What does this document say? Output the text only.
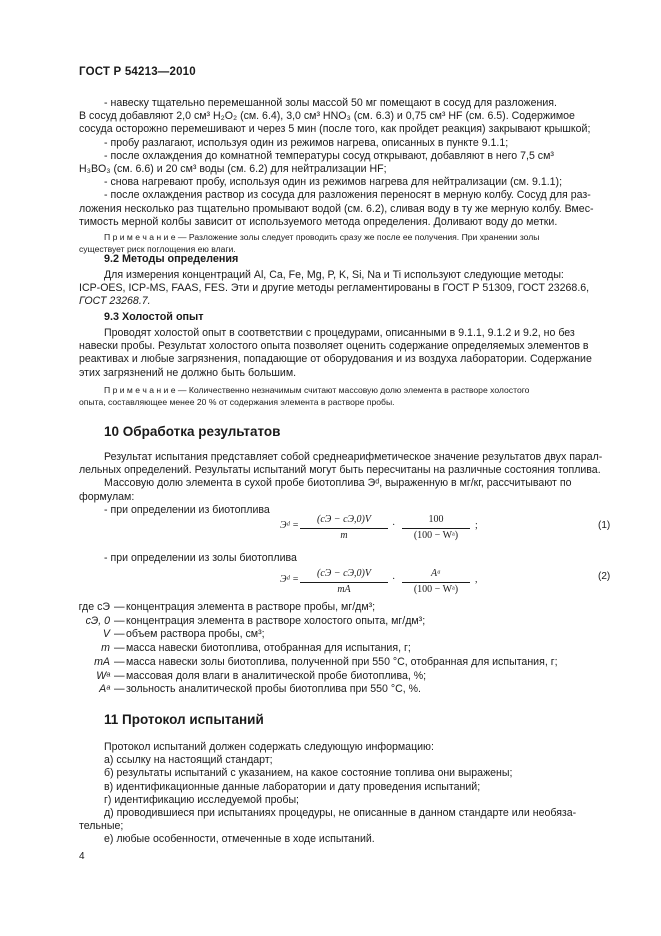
ГОСТ Р 54213—2010

- навеску тщательно перемешанной золы массой 50 мг помещают в сосуд для разложения.

В сосуд добавляют 2,0 см³ H₂O₂ (см. 6.4), 3,0 см³ HNO₃ (см. 6.3) и 0,75 см³ HF (см. 6.5). Содержимое

сосуда осторожно перемешивают и через 5 мин (после того, как пройдет реакция) закрывают крышкой;

- пробу разлагают, используя один из режимов нагрева, описанных в пункте 9.1.1;

- после охлаждения до комнатной температуры сосуд открывают, добавляют в него 7,5 см³

H₃BO₃ (см. 6.6) и 20 см³ воды (см. 6.2) для нейтрализации HF;

- снова нагревают пробу, используя один из режимов нагрева для нейтрализации (см. 9.1.1);

- после охлаждения раствор из сосуда для разложения переносят в мерную колбу. Сосуд для раз-

ложения несколько раз тщательно промывают водой (см. 6.2), сливая воду в ту же мерную колбу. Вмес-

тимость мерной колбы зависит от используемого метода определения. Доливают воду до метки.

П р и м е ч а н и е — Разложение золы следует проводить сразу же после ее получения. При хранении золы
существует риск поглощения ею влаги.
9.2 Методы определения

Для измерения концентраций Al, Ca, Fe, Mg, P, K, Si, Na и Ti используют следующие методы:

ICP-OES, ICP-MS, FAAS, FES. Эти и другие методы регламентированы в ГОСТ Р 51309, ГОСТ 23268.6,

ГОСТ 23268.7.

9.3 Холостой опыт

Проводят холостой опыт в соответствии с процедурами, описанными в 9.1.1, 9.1.2 и 9.2, но без

навески пробы. Результат холостого опыта позволяет оценить содержание определяемых элементов в

реактивах и любые загрязнения, попадающие от оборудования и из воздуха лаборатории. Содержание

этих загрязнений не должно быть большим.

П р и м е ч а н и е — Количественно незначимым считают массовую долю элемента в растворе холостого
опыта, составляющее менее 20 % от содержания элемента в растворе пробы.
10 Обработка результатов

Результат испытания представляет собой среднеарифметическое значение результатов двух парал-

лельных определений. Результаты испытаний могут быть пересчитаны на различные состояния топлива.

Массовую долю элемента в сухой пробе биотоплива Эᵈ, выраженную в мг/кг, рассчитывают по

формулам:

- при определении из биотоплива

Эᵈ =
(cЭ − cЭ,0)V
m
·
100
(100 − Wᵃ)
;	(1)

- при определении из золы биотоплива

Эᵈ =
(cЭ − cЭ,0)V
mA
·
Aᵃ
(100 − Wᵃ)
,	(2)
где cЭ — концентрация элемента в растворе пробы, мг/дм³;
cЭ, 0 — концентрация элемента в растворе холостого опыта, мг/дм³;
V — объем раствора пробы, см³;
m — масса навески биотоплива, отобранная для испытания, г;
mA — масса навески золы биотоплива, полученной при 550 °С, отобранная для испытания, г;
Wᵃ — массовая доля влаги в аналитической пробе биотоплива, %;
Aᵃ — зольность аналитической пробы биотоплива при 550 °С, %.
11 Протокол испытаний

Протокол испытаний должен содержать следующую информацию:

а) ссылку на настоящий стандарт;

б) результаты испытаний с указанием, на какое состояние топлива они выражены;

в) идентификационные данные лаборатории и дату проведения испытаний;

г) идентификацию исследуемой пробы;

д) проводившиеся при испытаниях процедуры, не описанные в данном стандарте или необяза-

тельные;

е) любые особенности, отмеченные в ходе испытаний.

4
